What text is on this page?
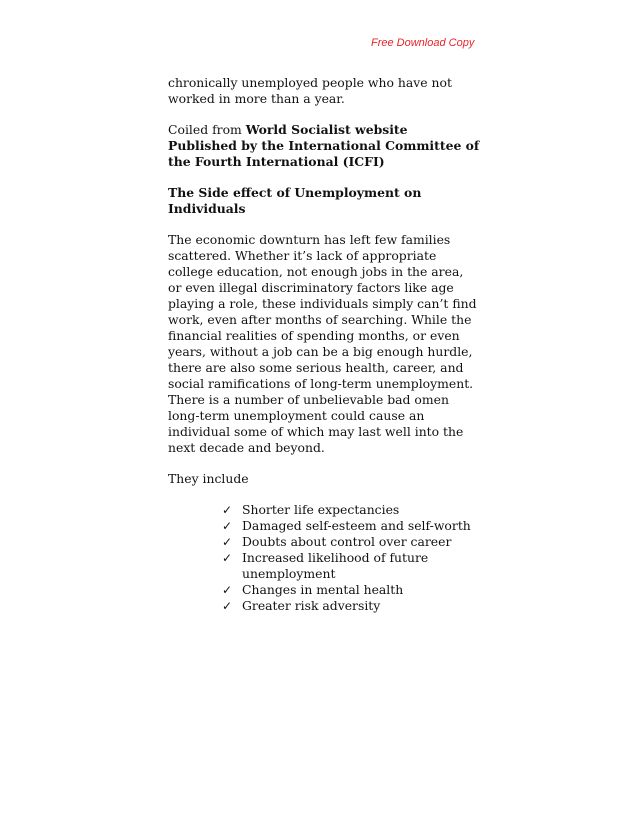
Free Download Copy

chronically unemployed people who have not worked in more than a year.

Coiled from World Socialist website Published by the International Committee of the Fourth International (ICFI)

The Side effect of Unemployment on Individuals

The economic downturn has left few families scattered. Whether it’s lack of appropriate college education, not enough jobs in the area, or even illegal discriminatory factors like age playing a role, these individuals simply can’t find work, even after months of searching. While the financial realities of spending months, or even years, without a job can be a big enough hurdle, there are also some serious health, career, and social ramifications of long-term unemployment. There is a number of unbelievable bad omen long-term unemployment could cause an individual some of which may last well into the next decade and beyond.

They include

✓ Shorter life expectancies
✓ Damaged self-esteem and self-worth
✓ Doubts about control over career
✓ Increased likelihood of future unemployment
✓ Changes in mental health
✓ Greater risk adversity
